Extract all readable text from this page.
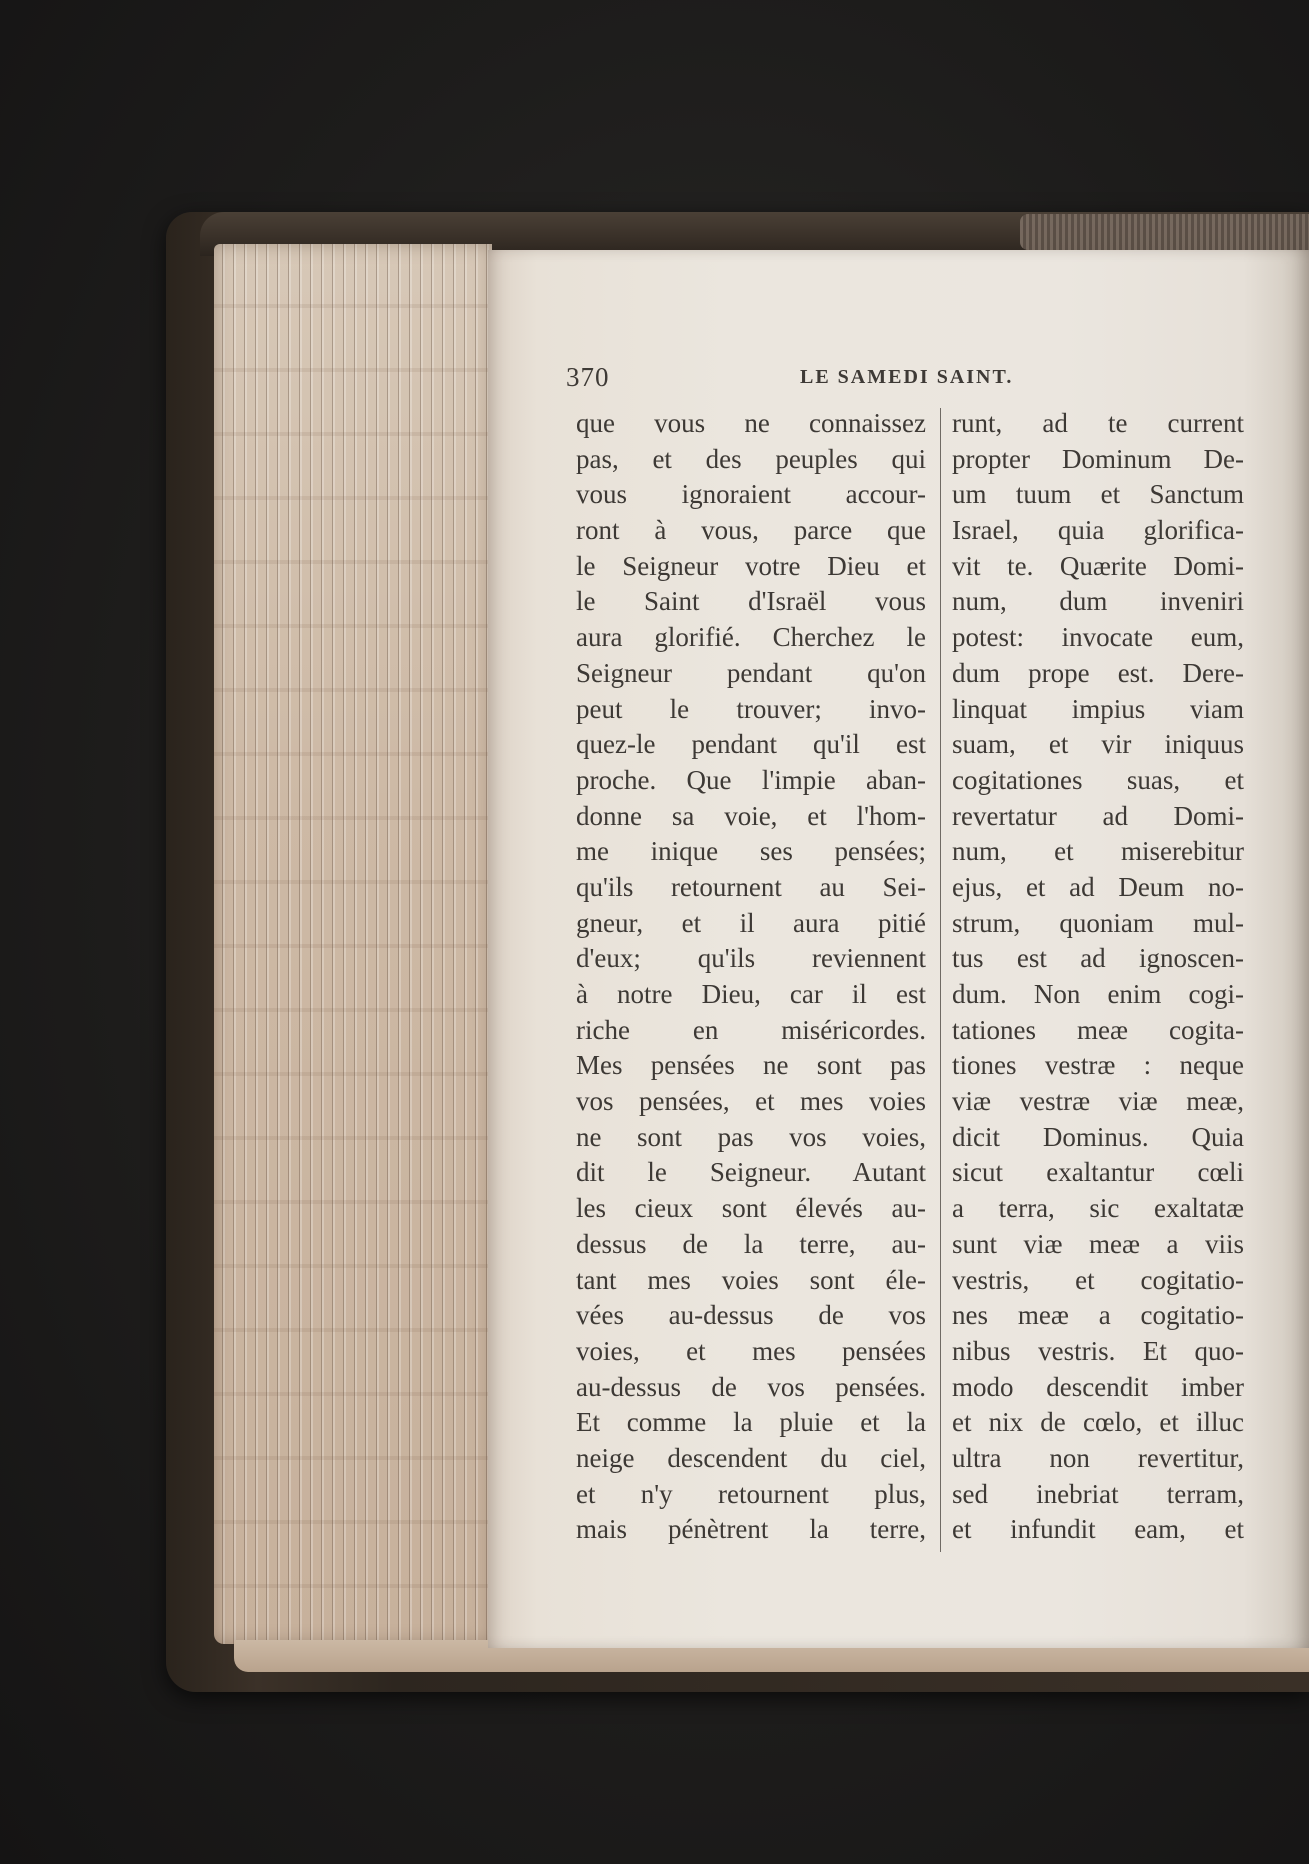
370	LE SAMEDI SAINT.
que vous ne connaissez
pas, et des peuples qui
vous ignoraient accour-
ront à vous, parce que
le Seigneur votre Dieu et
le Saint d'Israël vous
aura glorifié. Cherchez le
Seigneur pendant qu'on
peut le trouver; invo-
quez-le pendant qu'il est
proche. Que l'impie aban-
donne sa voie, et l'hom-
me inique ses pensées;
qu'ils retournent au Sei-
gneur, et il aura pitié
d'eux; qu'ils reviennent
à notre Dieu, car il est
riche en miséricordes.
Mes pensées ne sont pas
vos pensées, et mes voies
ne sont pas vos voies,
dit le Seigneur. Autant
les cieux sont élevés au-
dessus de la terre, au-
tant mes voies sont éle-
vées au-dessus de vos
voies, et mes pensées
au-dessus de vos pensées.
Et comme la pluie et la
neige descendent du ciel,
et n'y retournent plus,
mais pénètrent la terre,
runt, ad te current
propter Dominum De-
um tuum et Sanctum
Israel, quia glorifica-
vit te. Quærite Domi-
num, dum inveniri
potest: invocate eum,
dum prope est. Dere-
linquat impius viam
suam, et vir iniquus
cogitationes suas, et
revertatur ad Domi-
num, et miserebitur
ejus, et ad Deum no-
strum, quoniam mul-
tus est ad ignoscen-
dum. Non enim cogi-
tationes meæ cogita-
tiones vestræ : neque
viæ vestræ viæ meæ,
dicit Dominus. Quia
sicut exaltantur cœli
a terra, sic exaltatæ
sunt viæ meæ a viis
vestris, et cogitatio-
nes meæ a cogitatio-
nibus vestris. Et quo-
modo descendit imber
et nix de cœlo, et illuc
ultra non revertitur,
sed inebriat terram,
et infundit eam, et
